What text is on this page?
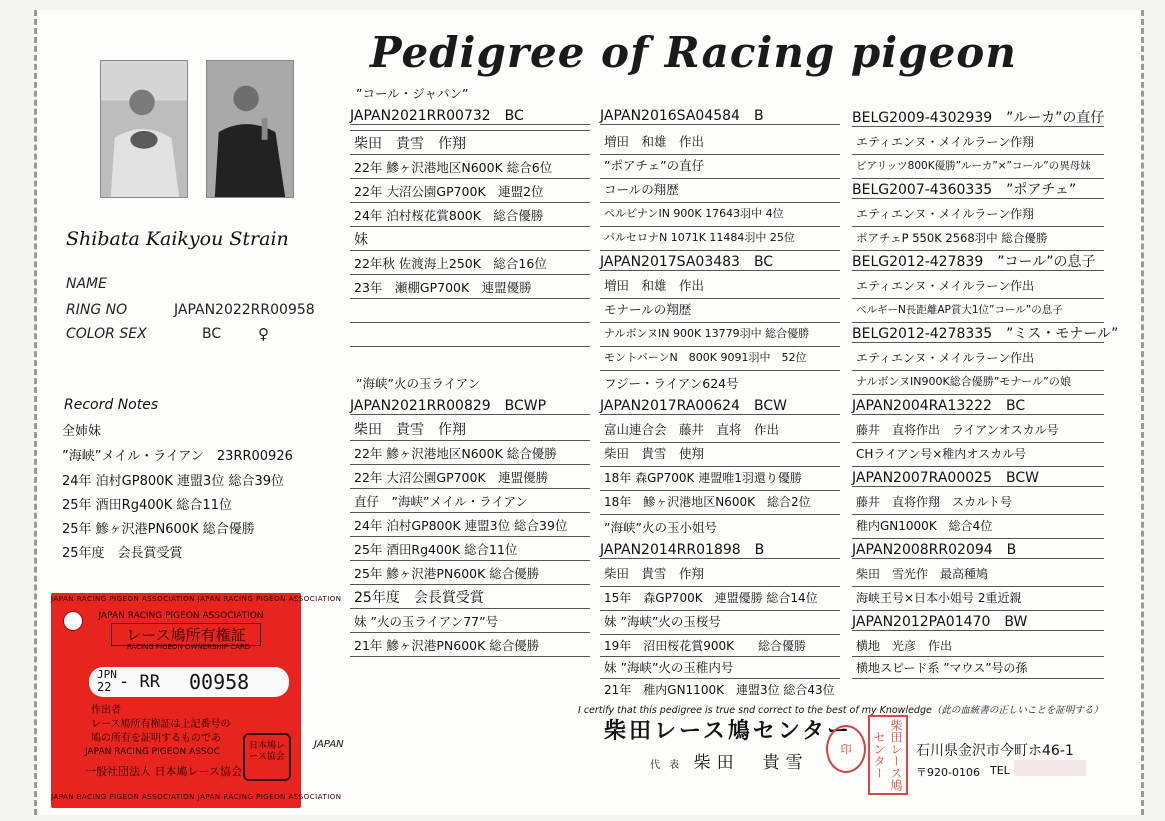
Pedigree of Racing pigeon
Shibata Kaikyou Strain
NAME
RING NO	JAPAN2022RR00958
COLOR SEX	BC ♀
Record Notes
全姉妹
”海峡”メイル・ライアン　23RR00926
24年 泊村GP800K 連盟3位 総合39位
25年 酒田Rg400K 総合11位
25年 鰺ヶ沢港PN600K 総合優勝
25年度　会長賞受賞
”コール・ジャパン”
JAPAN2021RR00732　BC
柴田　貴雪　作翔
22年 鰺ヶ沢港地区N600K 総合6位
22年 大沼公園GP700K　連盟2位
24年 泊村桜花賞800K　総合優勝
妹
22年秋 佐渡海上250K　総合16位
23年　瀬棚GP700K　連盟優勝
”海峡”火の玉ライアン
JAPAN2021RR00829　BCWP
柴田　貴雪　作翔
22年 鰺ヶ沢港地区N600K 総合優勝
22年 大沼公園GP700K　連盟優勝
直仔　”海峡”メイル・ライアン
24年 泊村GP800K 連盟3位 総合39位
25年 酒田Rg400K 総合11位
25年 鰺ヶ沢港PN600K 総合優勝
25年度　会長賞受賞
妹 ”火の玉ライアン77”号
21年 鰺ヶ沢港PN600K 総合優勝
JAPAN2016SA04584　B
増田　和雄　作出
”ポアチェ”の直仔
コールの翔歴
ペルピナンIN 900K 17643羽中 4位
バルセロナN 1071K 11484羽中 25位
JAPAN2017SA03483　BC
増田　和雄　作出
モナールの翔歴
ナルボンヌIN 900K 13779羽中 総合優勝
モントバーンN　800K 9091羽中　52位
フジー・ライアン624号
JAPAN2017RA00624　BCW
富山連合会　藤井　直将　作出
柴田　貴雪　使翔
18年 森GP700K 連盟唯1羽還り優勝
18年　鰺ヶ沢港地区N600K　総合2位
”海峡”火の玉小姐号
JAPAN2014RR01898　B
柴田　貴雪　作翔
15年　森GP700K　連盟優勝 総合14位
妹 ”海峡”火の玉桜号
19年　沼田桜花賞900K　　総合優勝
妹 ”海峡”火の玉稚内号
21年　稚内GN1100K　連盟3位 総合43位
BELG2009-4302939　”ルーカ”の直仔
エティエンヌ・メイルラーン作翔
ビアリッツ800K優勝”ルーカ”×”コール”の異母妹
BELG2007-4360335　”ポアチェ”
エティエンヌ・メイルラーン作翔
ポアチェP 550K 2568羽中 総合優勝
BELG2012-427839　”コール”の息子
エティエンヌ・メイルラーン作出
ベルギーN長距離AP賞大1位”コール”の息子
BELG2012-4278335　”ミス・モナール”
エティエンヌ・メイルラーン作出
ナルボンヌIN900K総合優勝”モナール”の娘
JAPAN2004RA13222　BC
藤井　直将作出　ライアンオスカル号
CHライアン号×稚内オスカル号
JAPAN2007RA00025　BCW
藤井　直将作翔　スカルト号
稚内GN1000K　総合4位
JAPAN2008RR02094　B
柴田　雪光作　最高種鳩
海峡王号×日本小姐号 2重近親
JAPAN2012PA01470　BW
横地　光彦　作出
横地スピード系 ”マウス”号の孫
JAPAN RACING PIGEON ASSOCIATION JAPAN RACING PIGEON ASSOCIATION
JAPAN RACING PIGEON ASSOCIATION
レース鳩所有権証
RACING PIGEON OWNERSHIP CARD
JPN
22 - RR 00958
作出者
レース鳩所有権証は上記番号の
鳩の所有を証明するものであ
JAPAN RACING PIGEON ASSOC
一般社団法人 日本鳩レース協会
日本鳩レース協会
JAPAN RACING PIGEON ASSOCIATION JAPAN RACING PIGEON ASSOCIATION
JAPAN
I certify that this pedigree is true snd correct to the best of my Knowledge（此の血統書の正しいことを証明する）
柴田レース鳩センター
代 表 柴田　貴雪
印	柴田レース鳩センター	石川県金沢市今町ホ46-1
〒920-0106 TEL
